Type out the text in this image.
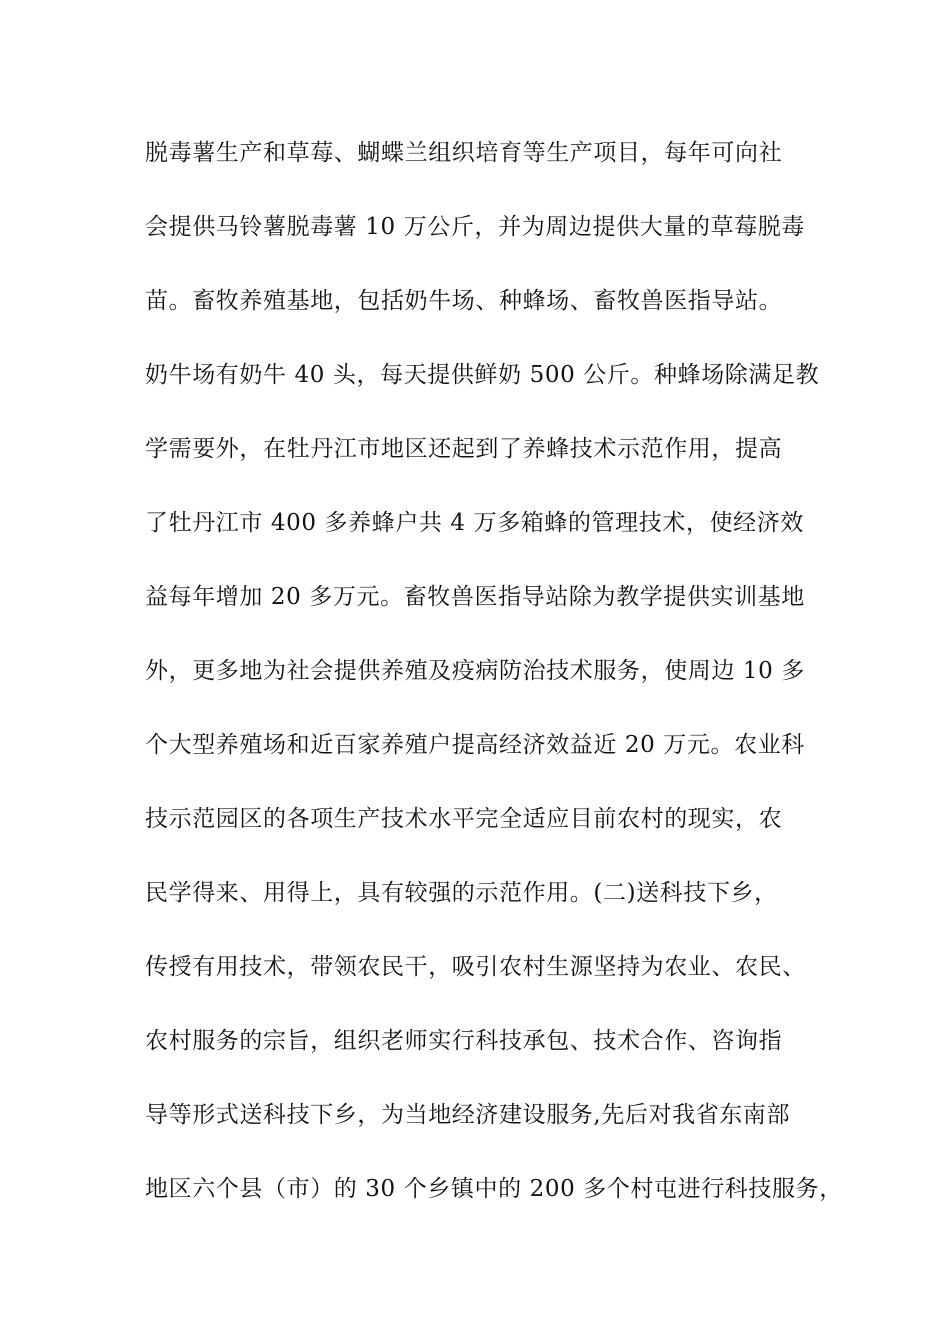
脱毒薯生产和草莓、蝴蝶兰组织培育等生产项目，每年可向社
会提供马铃薯脱毒薯 10 万公斤，并为周边提供大量的草莓脱毒
苗。畜牧养殖基地，包括奶牛场、种蜂场、畜牧兽医指导站。
奶牛场有奶牛 40 头，每天提供鲜奶 500 公斤。种蜂场除满足教
学需要外，在牡丹江市地区还起到了养蜂技术示范作用，提高
了牡丹江市 400 多养蜂户共 4 万多箱蜂的管理技术，使经济效
益每年增加 20 多万元。畜牧兽医指导站除为教学提供实训基地
外，更多地为社会提供养殖及疫病防治技术服务，使周边 10 多
个大型养殖场和近百家养殖户提高经济效益近 20 万元。农业科
技示范园区的各项生产技术水平完全适应目前农村的现实，农
民学得来、用得上，具有较强的示范作用。(二)送科技下乡，
传授有用技术，带领农民干，吸引农村生源坚持为农业、农民、
农村服务的宗旨，组织老师实行科技承包、技术合作、咨询指
导等形式送科技下乡，为当地经济建设服务,先后对我省东南部
地区六个县（市）的 30 个乡镇中的 200 多个村屯进行科技服务，
